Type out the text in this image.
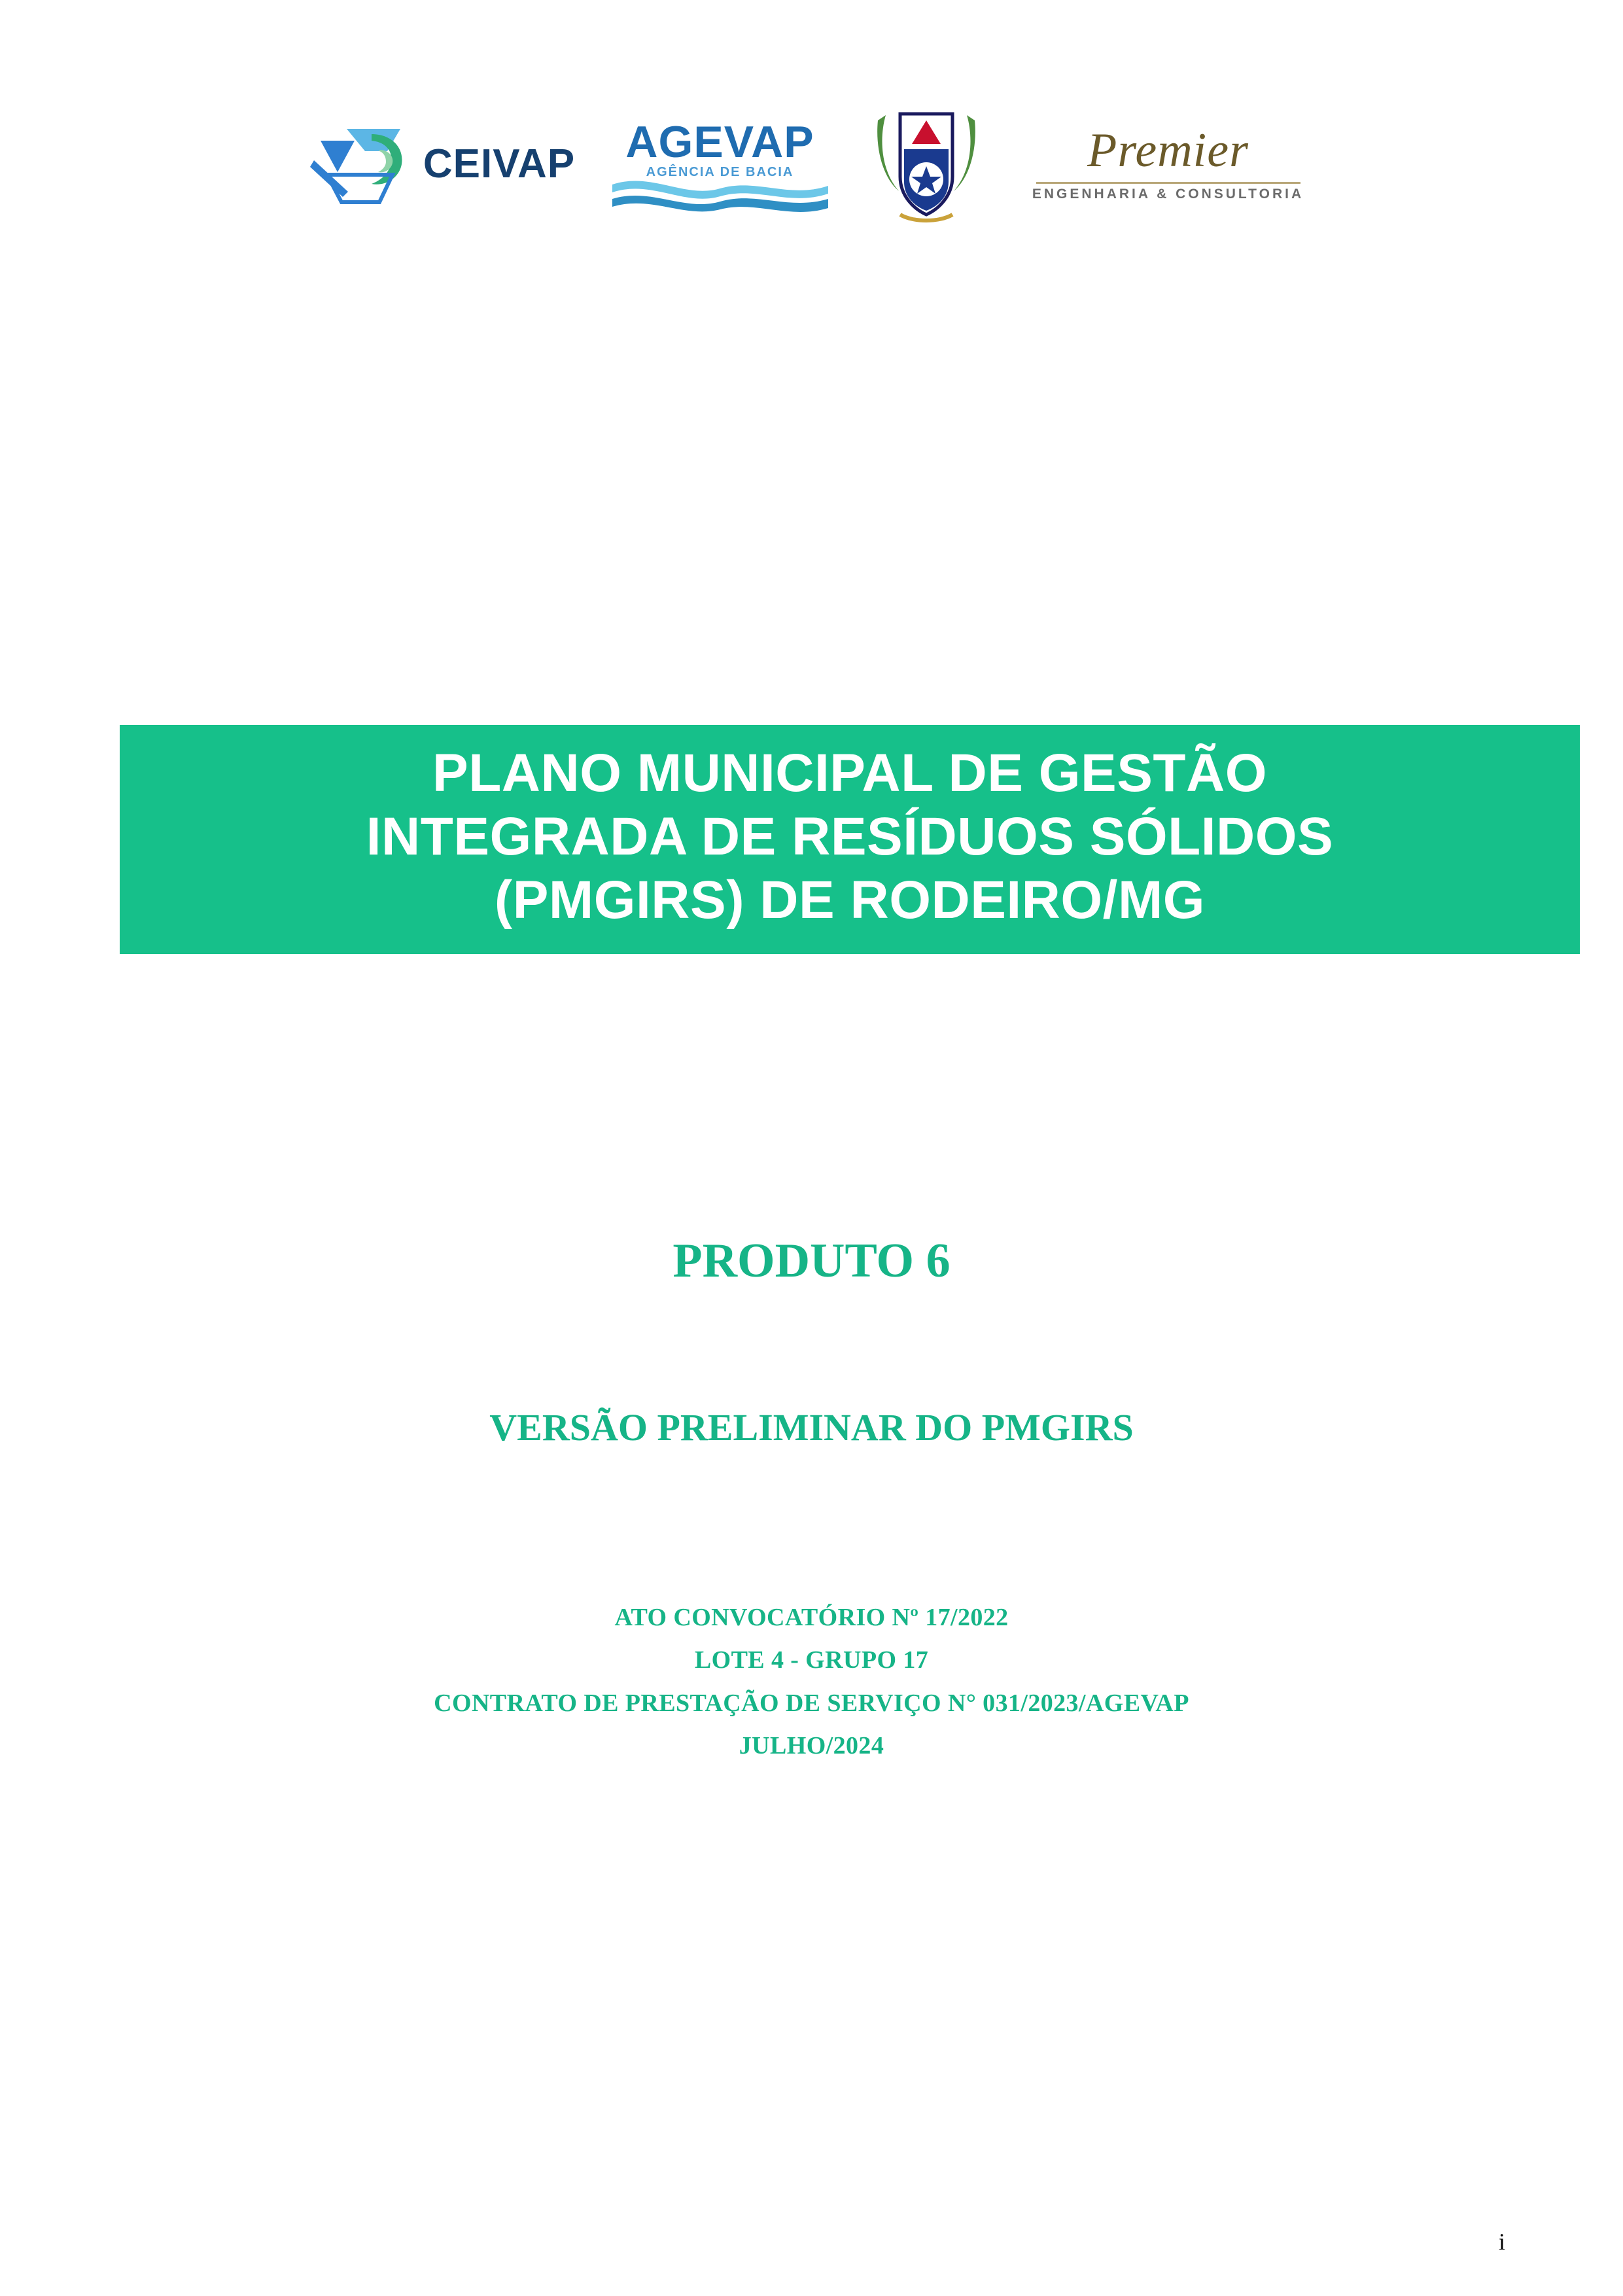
CEIVAP	AGEVAP
AGÊNCIA DE BACIA	Premier
ENGENHARIA & CONSULTORIA
PLANO MUNICIPAL DE GESTÃO
INTEGRADA DE RESÍDUOS SÓLIDOS
(PMGIRS) DE RODEIRO/MG
PRODUTO 6
VERSÃO PRELIMINAR DO PMGIRS
ATO CONVOCATÓRIO Nº 17/2022
LOTE 4 - GRUPO 17
CONTRATO DE PRESTAÇÃO DE SERVIÇO N° 031/2023/AGEVAP
JULHO/2024
i
